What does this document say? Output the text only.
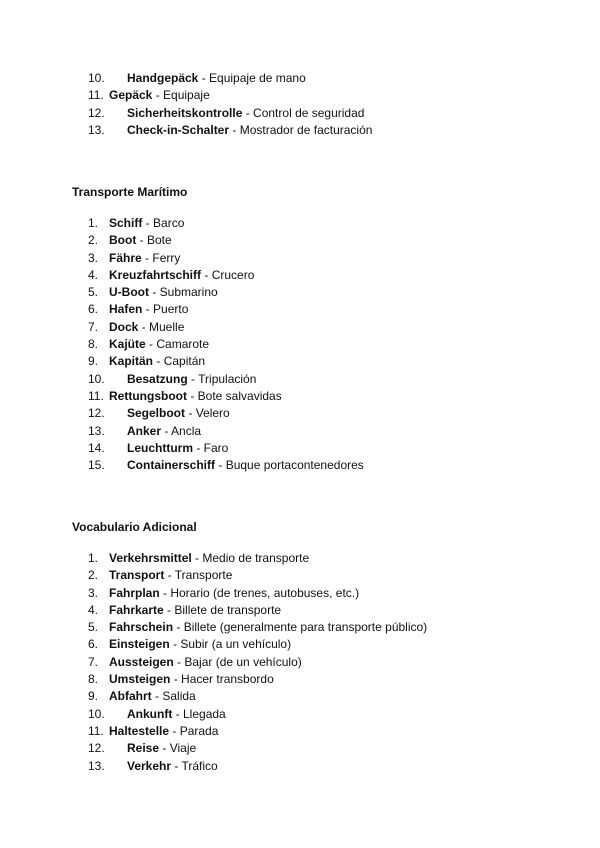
10. Handgepäck - Equipaje de mano
11. Gepäck - Equipaje
12. Sicherheitskontrolle - Control de seguridad
13. Check-in-Schalter - Mostrador de facturación
Transporte Marítimo
1. Schiff - Barco
2. Boot - Bote
3. Fähre - Ferry
4. Kreuzfahrtschiff - Crucero
5. U-Boot - Submarino
6. Hafen - Puerto
7. Dock - Muelle
8. Kajüte - Camarote
9. Kapitän - Capitán
10. Besatzung - Tripulación
11. Rettungsboot - Bote salvavidas
12. Segelboot - Velero
13. Anker - Ancla
14. Leuchtturm - Faro
15. Containerschiff - Buque portacontenedores
Vocabulario Adicional
1. Verkehrsmittel - Medio de transporte
2. Transport - Transporte
3. Fahrplan - Horario (de trenes, autobuses, etc.)
4. Fahrkarte - Billete de transporte
5. Fahrschein - Billete (generalmente para transporte público)
6. Einsteigen - Subir (a un vehículo)
7. Aussteigen - Bajar (de un vehículo)
8. Umsteigen - Hacer transbordo
9. Abfahrt - Salida
10. Ankunft - Llegada
11. Haltestelle - Parada
12. Reise - Viaje
13. Verkehr - Tráfico
